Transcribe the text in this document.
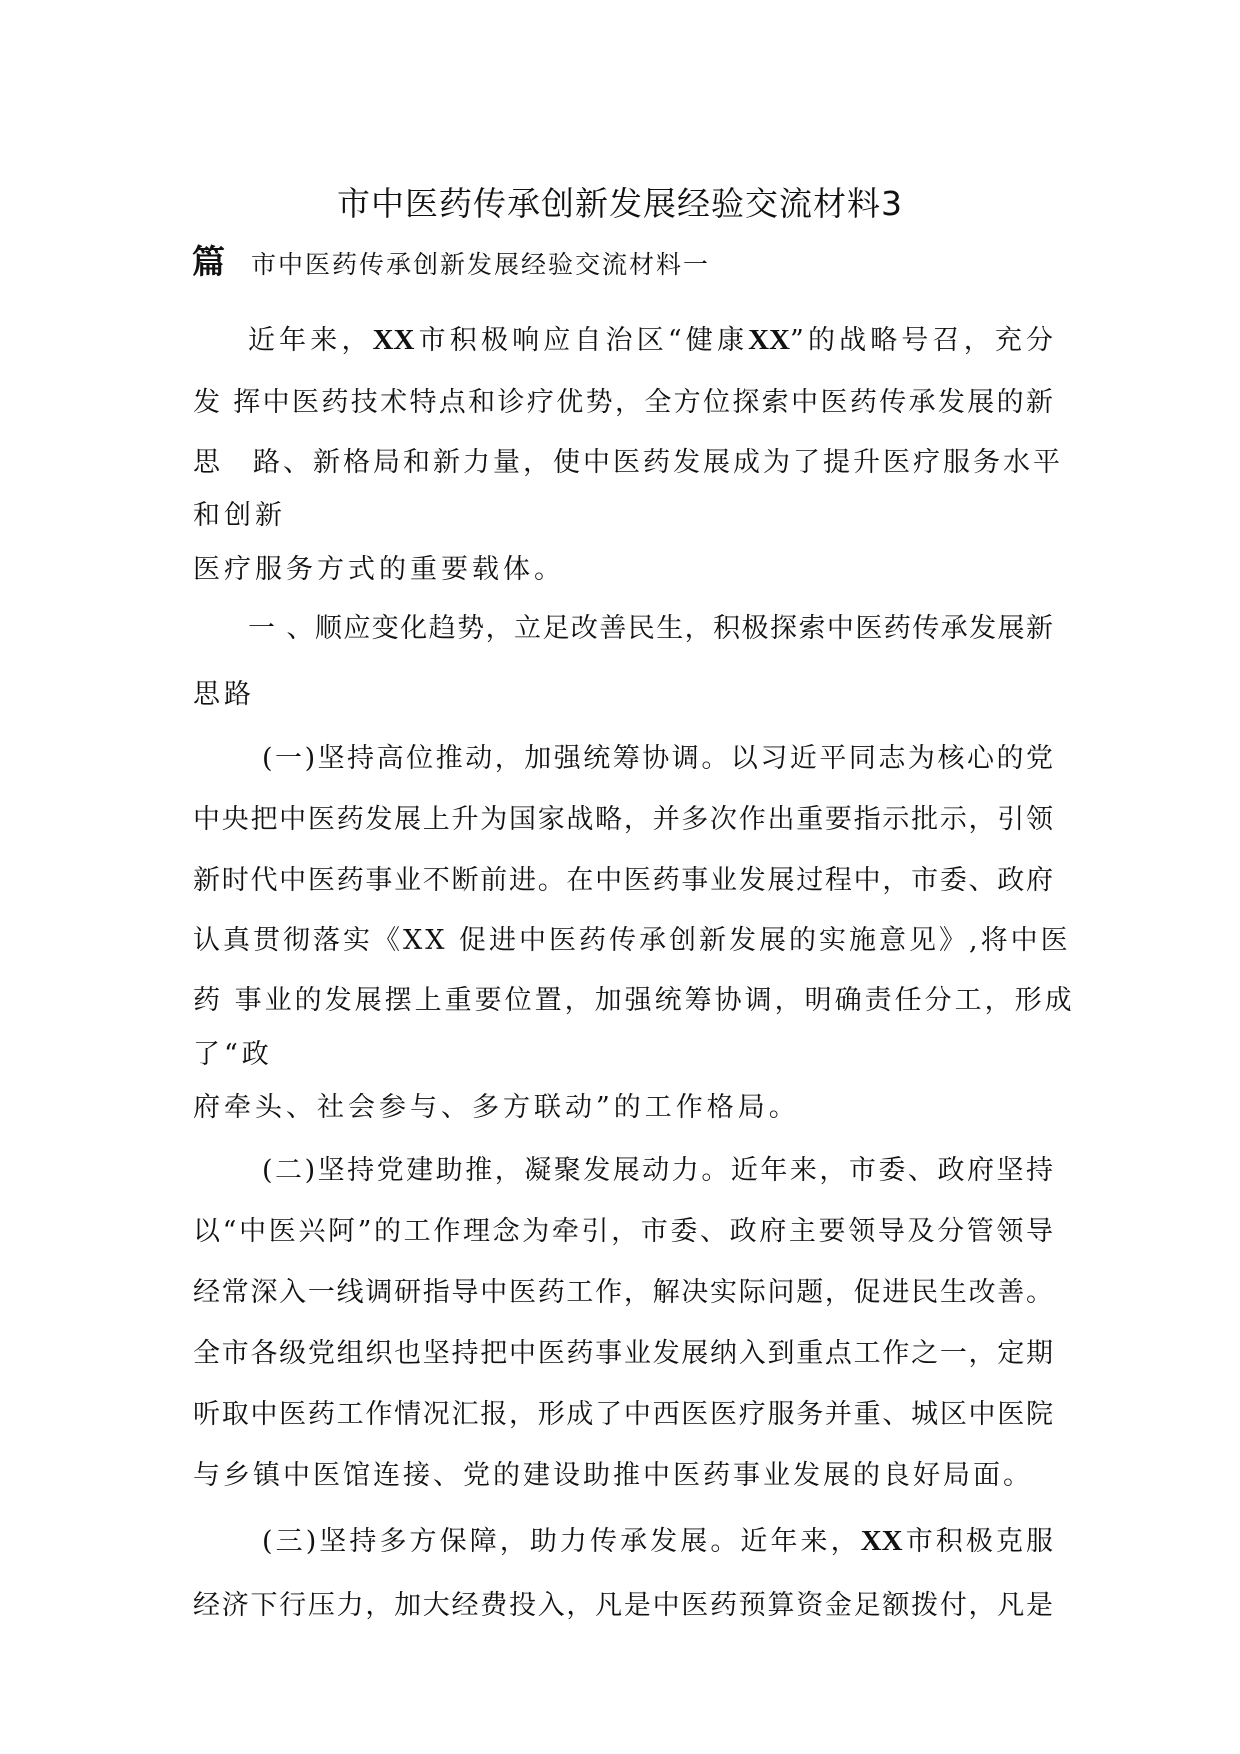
市中医药传承创新发展经验交流材料3
篇 市中医药传承创新发展经验交流材料一
近年来，XX市积极响应自治区“健康XX”的战略号召，充分
发 挥中医药技术特点和诊疗优势，全方位探索中医药传承发展的新
思　路、新格局和新力量，使中医药发展成为了提升医疗服务水平
和创新
医疗服务方式的重要载体。
一 、顺应变化趋势，立足改善民生，积极探索中医药传承发展新
思路
(一)坚持高位推动，加强统筹协调。以习近平同志为核心的党
中央把中医药发展上升为国家战略，并多次作出重要指示批示，引领
新时代中医药事业不断前进。在中医药事业发展过程中，市委、政府
认真贯彻落实《XX 促进中医药传承创新发展的实施意见》,将中医
药 事业的发展摆上重要位置，加强统筹协调，明确责任分工，形成
了“政
府牵头、社会参与、多方联动”的工作格局。
(二)坚持党建助推，凝聚发展动力。近年来，市委、政府坚持
以“中医兴阿”的工作理念为牵引，市委、政府主要领导及分管领导
经常深入一线调研指导中医药工作，解决实际问题，促进民生改善。
全市各级党组织也坚持把中医药事业发展纳入到重点工作之一，定期
听取中医药工作情况汇报，形成了中西医医疗服务并重、城区中医院
与乡镇中医馆连接、党的建设助推中医药事业发展的良好局面。
(三)坚持多方保障，助力传承发展。近年来，XX市积极克服
经济下行压力，加大经费投入，凡是中医药预算资金足额拨付，凡是
